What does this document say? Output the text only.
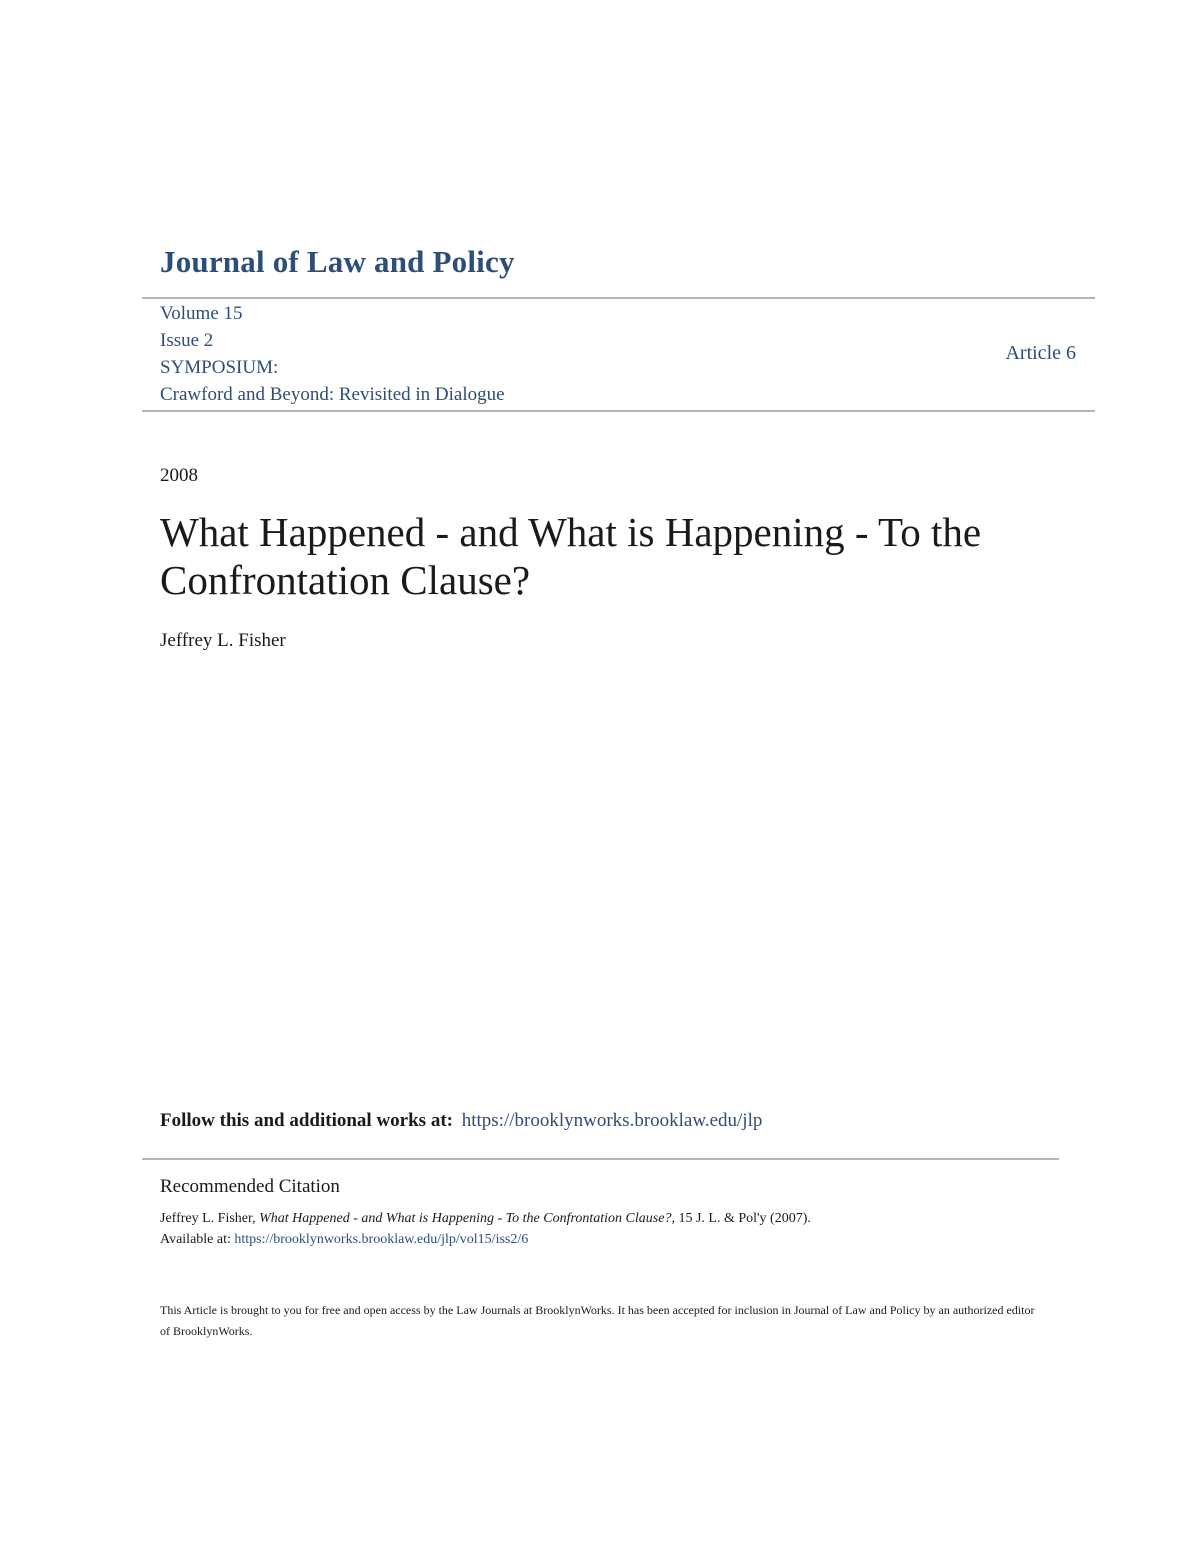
Journal of Law and Policy
Volume 15
Issue 2
SYMPOSIUM:
Crawford and Beyond: Revisited in Dialogue
Article 6
2008
What Happened - and What is Happening - To the Confrontation Clause?
Jeffrey L. Fisher
Follow this and additional works at: https://brooklynworks.brooklaw.edu/jlp
Recommended Citation
Jeffrey L. Fisher, What Happened - and What is Happening - To the Confrontation Clause?, 15 J. L. & Pol'y (2007).
Available at: https://brooklynworks.brooklaw.edu/jlp/vol15/iss2/6
This Article is brought to you for free and open access by the Law Journals at BrooklynWorks. It has been accepted for inclusion in Journal of Law and Policy by an authorized editor of BrooklynWorks.
